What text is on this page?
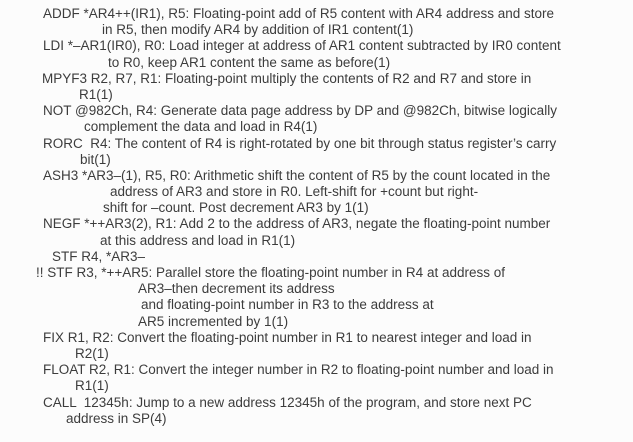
ADDF *AR4++(IR1), R5: Floating-point add of R5 content with AR4 address and store
in R5, then modify AR4 by addition of IR1 content(1)
LDI *–AR1(IR0), R0: Load integer at address of AR1 content subtracted by IR0 content
to R0, keep AR1 content the same as before(1)
MPYF3 R2, R7, R1: Floating-point multiply the contents of R2 and R7 and store in
R1(1)
NOT @982Ch, R4: Generate data page address by DP and @982Ch, bitwise logically
complement the data and load in R4(1)
RORC  R4: The content of R4 is right-rotated by one bit through status register’s carry
bit(1)
ASH3 *AR3–(1), R5, R0: Arithmetic shift the content of R5 by the count located in the
address of AR3 and store in R0. Left-shift for +count but right-
shift for –count. Post decrement AR3 by 1(1)
NEGF *++AR3(2), R1: Add 2 to the address of AR3, negate the floating-point number
at this address and load in R1(1)
STF R4, *AR3–
!! STF R3, *++AR5: Parallel store the floating-point number in R4 at address of
AR3–then decrement its address
and floating-point number in R3 to the address at
AR5 incremented by 1(1)
FIX R1, R2: Convert the floating-point number in R1 to nearest integer and load in
R2(1)
FLOAT R2, R1: Convert the integer number in R2 to floating-point number and load in
R1(1)
CALL  12345h: Jump to a new address 12345h of the program, and store next PC
address in SP(4)
